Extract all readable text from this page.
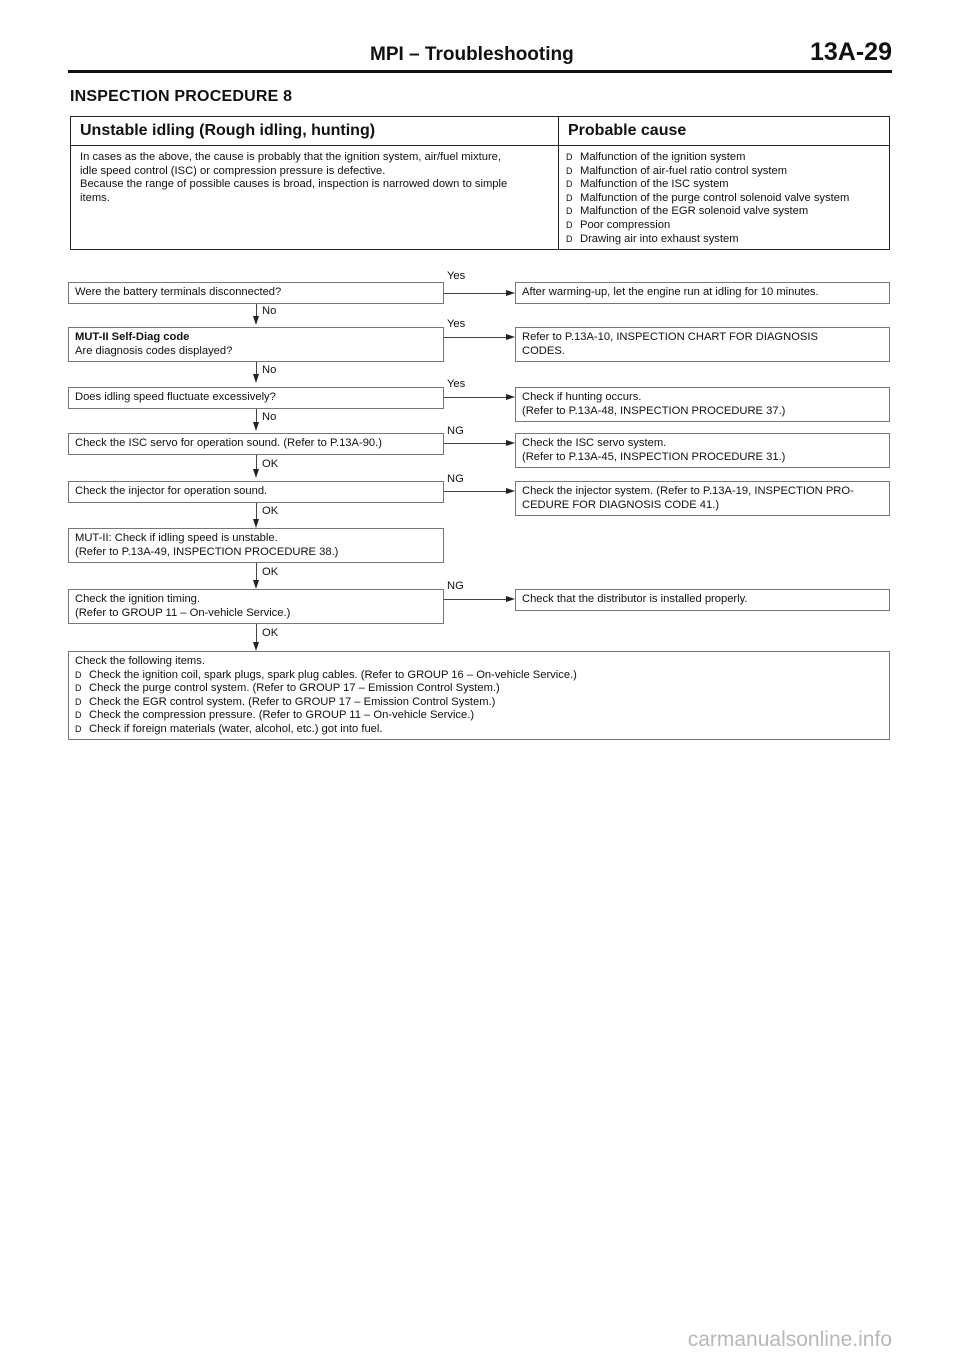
MPI – Troubleshooting	13A-29
INSPECTION PROCEDURE 8
Unstable idling (Rough idling, hunting)	Probable cause
In cases as the above, the cause is probably that the ignition system, air/fuel mixture,
idle speed control (ISC) or compression pressure is defective.
Because the range of possible causes is broad, inspection is narrowed down to simple
items.
D Malfunction of the ignition system
D Malfunction of air-fuel ratio control system
D Malfunction of the ISC system
D Malfunction of the purge control solenoid valve system
D Malfunction of the EGR solenoid valve system
D Poor compression
D Drawing air into exhaust system
Yes
Were the battery terminals disconnected?	After warming-up, let the engine run at idling for 10 minutes.
No
Yes
MUT-II Self-Diag code
Are diagnosis codes displayed?
Refer to P.13A-10, INSPECTION CHART FOR DIAGNOSIS
CODES.
No
Yes
Does idling speed fluctuate excessively?	Check if hunting occurs.
(Refer to P.13A-48, INSPECTION PROCEDURE 37.)
No
NG
Check the ISC servo for operation sound. (Refer to P.13A-90.)	Check the ISC servo system.
(Refer to P.13A-45, INSPECTION PROCEDURE 31.)
OK
NG
Check the injector for operation sound.	Check the injector system. (Refer to P.13A-19, INSPECTION PRO-
CEDURE FOR DIAGNOSIS CODE 41.)
OK
MUT-II: Check if idling speed is unstable.
(Refer to P.13A-49, INSPECTION PROCEDURE 38.)
OK
NG
Check the ignition timing.
(Refer to GROUP 11 – On-vehicle Service.)
Check that the distributor is installed properly.
OK
Check the following items.
D Check the ignition coil, spark plugs, spark plug cables. (Refer to GROUP 16 – On-vehicle Service.)
D Check the purge control system. (Refer to GROUP 17 – Emission Control System.)
D Check the EGR control system. (Refer to GROUP 17 – Emission Control System.)
D Check the compression pressure. (Refer to GROUP 11 – On-vehicle Service.)
D Check if foreign materials (water, alcohol, etc.) got into fuel.
carmanualsonline.info
